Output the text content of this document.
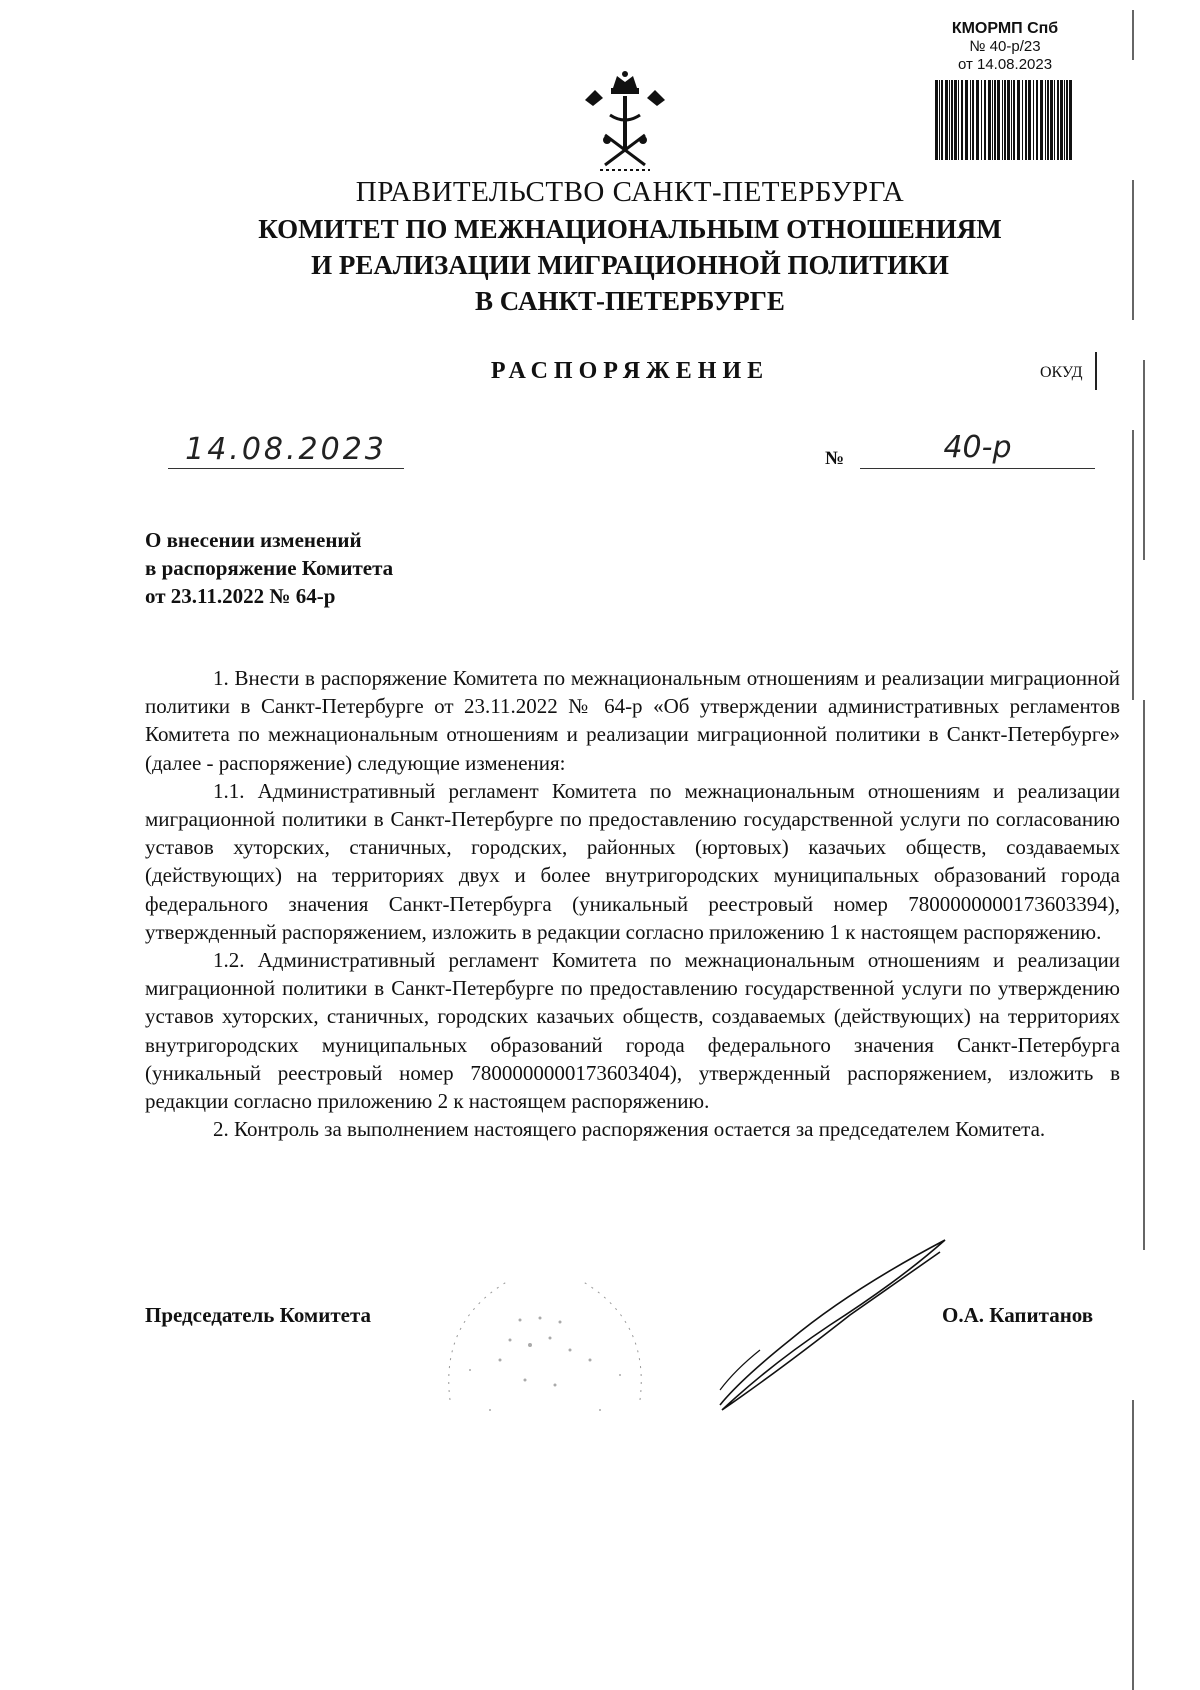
КМОРМП Спб
№ 40-р/23
от 14.08.2023
ПРАВИТЕЛЬСТВО САНКТ-ПЕТЕРБУРГА
КОМИТЕТ ПО МЕЖНАЦИОНАЛЬНЫМ ОТНОШЕНИЯМ
И РЕАЛИЗАЦИИ МИГРАЦИОННОЙ ПОЛИТИКИ
В САНКТ-ПЕТЕРБУРГЕ
РАСПОРЯЖЕНИЕ	ОКУД
14.08.2023	№	40-р
О внесении изменений
в распоряжение Комитета
от 23.11.2022 № 64-р

1. Внести в распоряжение Комитета по межнациональным отношениям и реализации миграционной политики в Санкт-Петербурге от 23.11.2022 № 64-р «Об утверждении административных регламентов Комитета по межнациональным отношениям и реализации миграционной политики в Санкт-Петербурге» (далее - распоряжение) следующие изменения:

1.1. Административный регламент Комитета по межнациональным отношениям и реализации миграционной политики в Санкт-Петербурге по предоставлению государственной услуги по согласованию уставов хуторских, станичных, городских, районных (юртовых) казачьих обществ, создаваемых (действующих) на территориях двух и более внутригородских муниципальных образований города федерального значения Санкт-Петербурга (уникальный реестровый номер 7800000000173603394), утвержденный распоряжением, изложить в редакции согласно приложению 1 к настоящем распоряжению.

1.2. Административный регламент Комитета по межнациональным отношениям и реализации миграционной политики в Санкт-Петербурге по предоставлению государственной услуги по утверждению уставов хуторских, станичных, городских казачьих обществ, создаваемых (действующих) на территориях внутригородских муниципальных образований города федерального значения Санкт-Петербурга (уникальный реестровый номер 7800000000173603404), утвержденный распоряжением, изложить в редакции согласно приложению 2 к настоящем распоряжению.

2. Контроль за выполнением настоящего распоряжения остается за председателем Комитета.

Председатель Комитета	О.А. Капитанов
